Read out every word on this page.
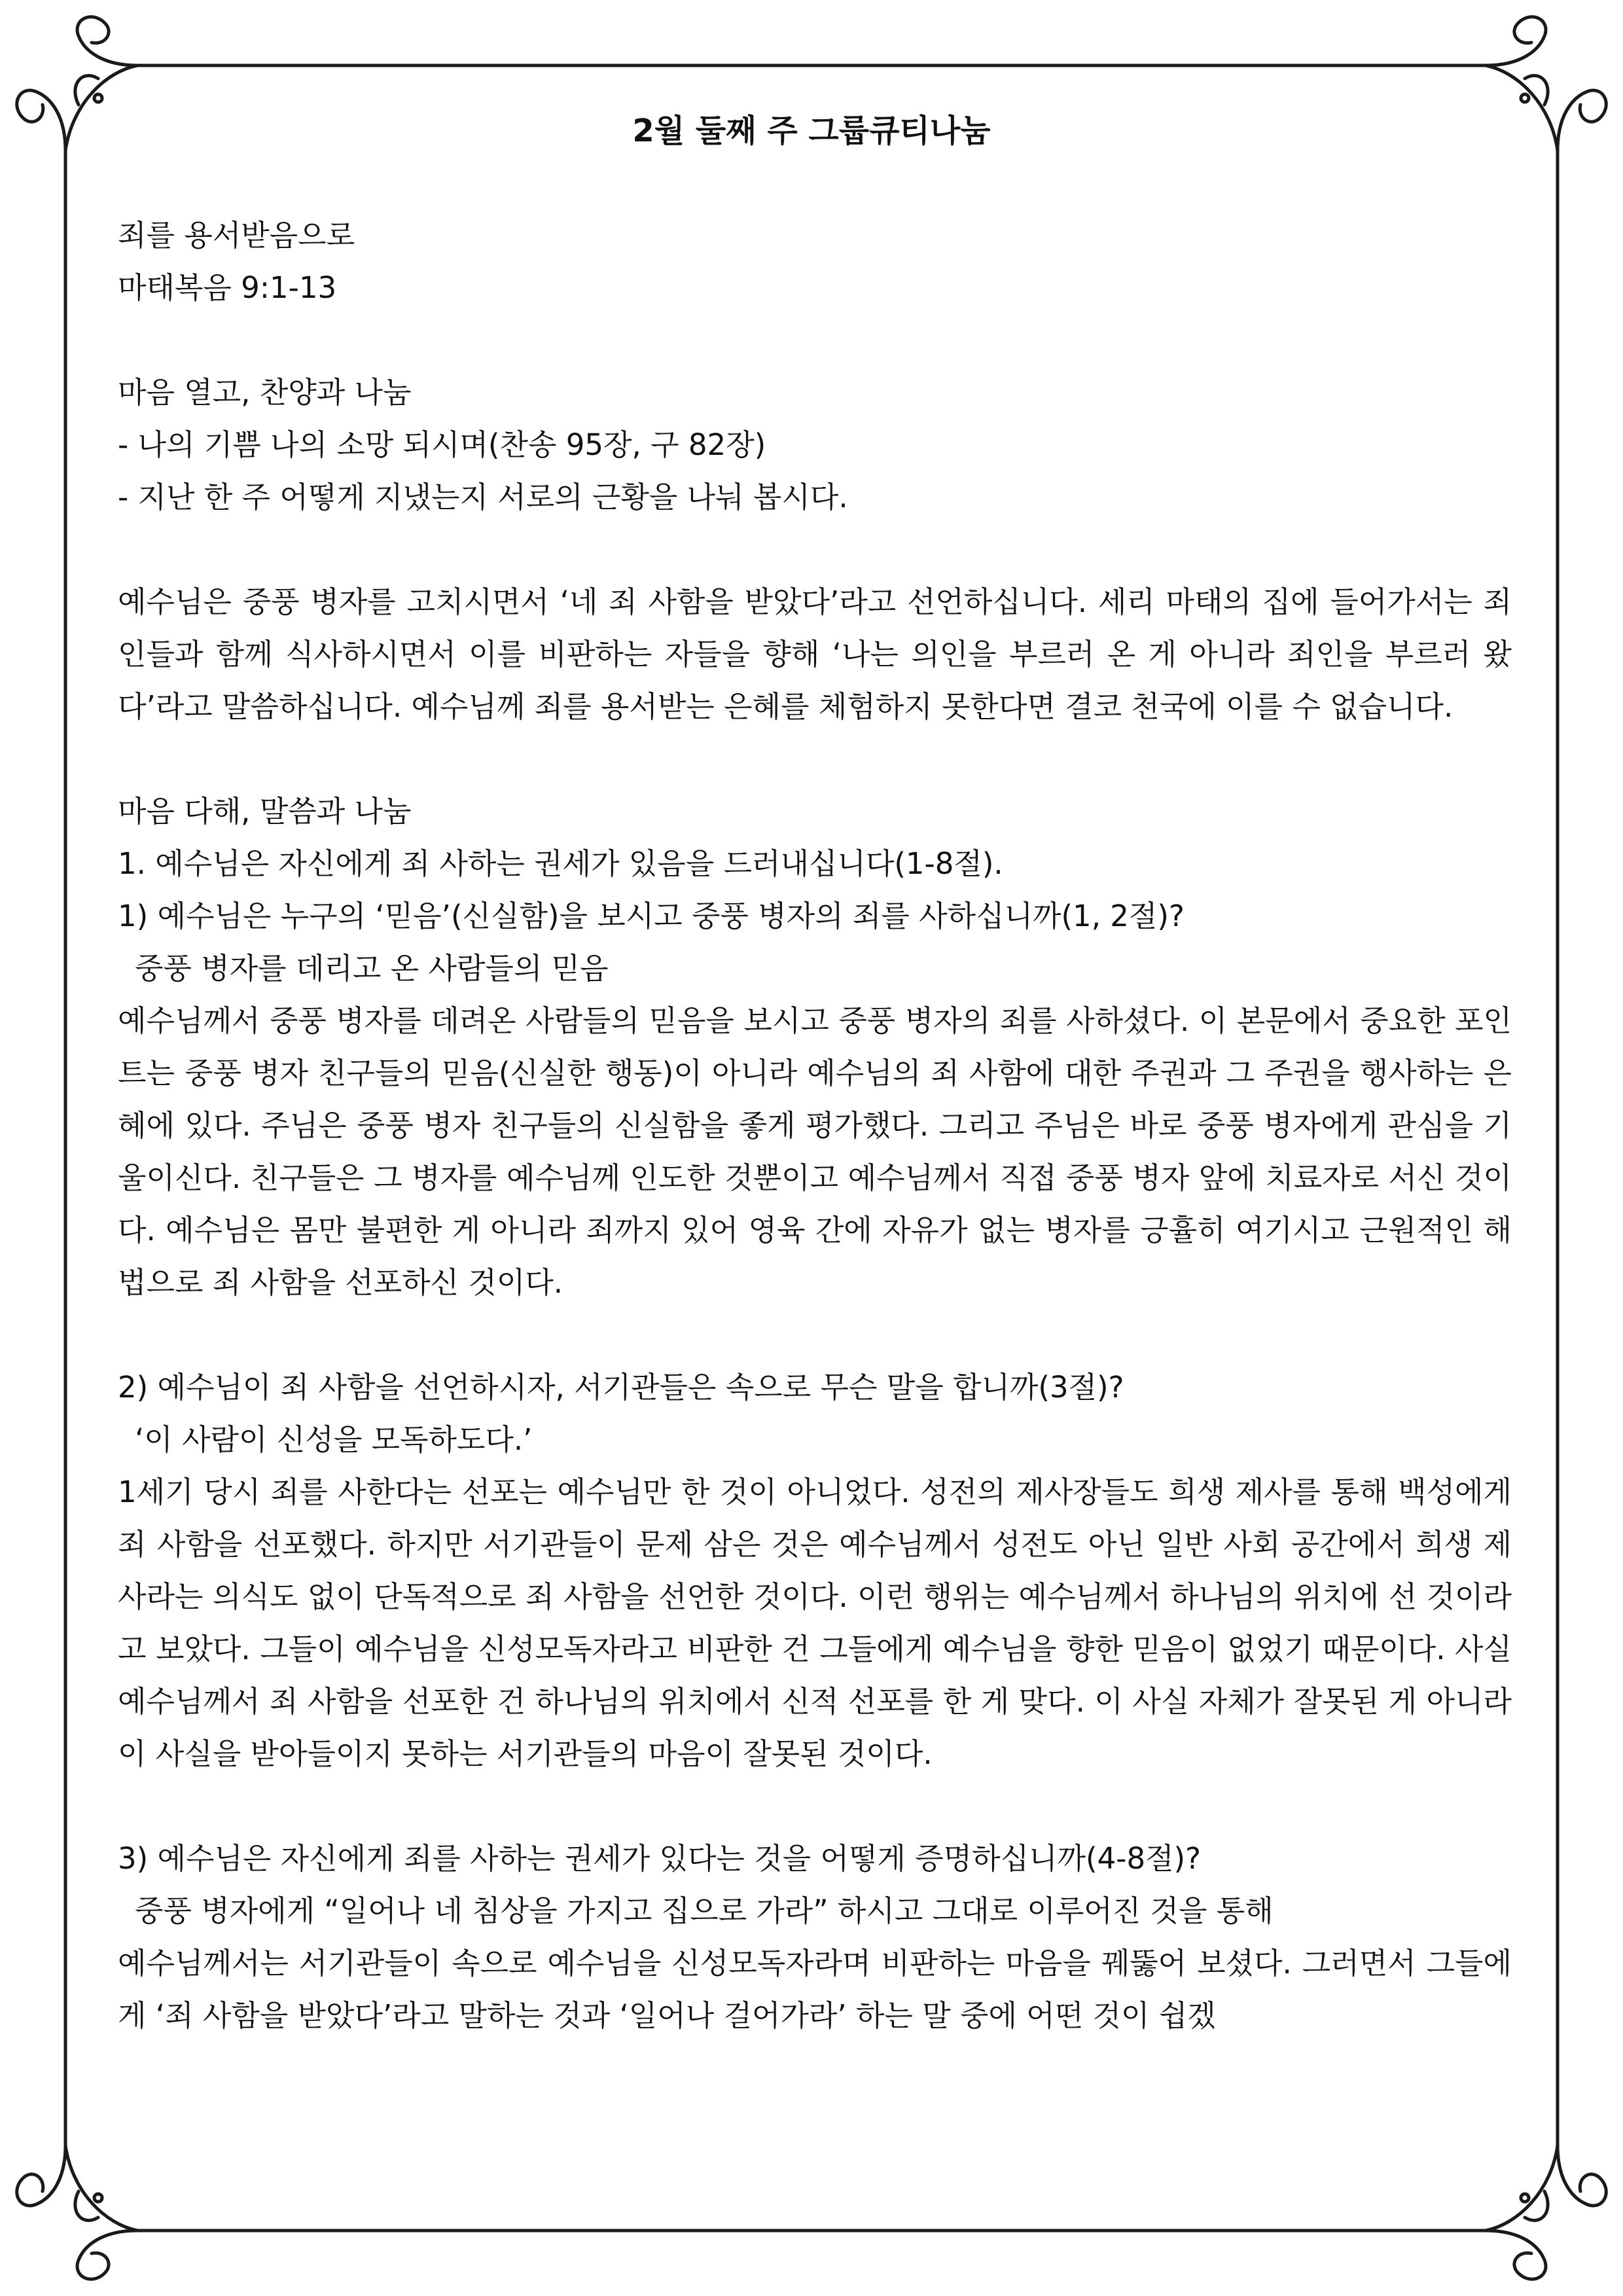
2월 둘째 주 그룹큐티나눔
죄를 용서받음으로
마태복음 9:1-13
마음 열고, 찬양과 나눔
- 나의 기쁨 나의 소망 되시며(찬송 95장, 구 82장)
- 지난 한 주 어떻게 지냈는지 서로의 근황을 나눠 봅시다.
예수님은 중풍 병자를 고치시면서 ‘네 죄 사함을 받았다’라고 선언하십니다. 세리 마태의 집에 들어가서는 죄인들과 함께 식사하시면서 이를 비판하는 자들을 향해 ‘나는 의인을 부르러 온 게 아니라 죄인을 부르러 왔다’라고 말씀하십니다. 예수님께 죄를 용서받는 은혜를 체험하지 못한다면 결코 천국에 이를 수 없습니다.
마음 다해, 말씀과 나눔
1. 예수님은 자신에게 죄 사하는 권세가 있음을 드러내십니다(1-8절).
1) 예수님은 누구의 ‘믿음’(신실함)을 보시고 중풍 병자의 죄를 사하십니까(1, 2절)?
중풍 병자를 데리고 온 사람들의 믿음
예수님께서 중풍 병자를 데려온 사람들의 믿음을 보시고 중풍 병자의 죄를 사하셨다. 이 본문에서 중요한 포인트는 중풍 병자 친구들의 믿음(신실한 행동)이 아니라 예수님의 죄 사함에 대한 주권과 그 주권을 행사하는 은혜에 있다. 주님은 중풍 병자 친구들의 신실함을 좋게 평가했다. 그리고 주님은 바로 중풍 병자에게 관심을 기울이신다. 친구들은 그 병자를 예수님께 인도한 것뿐이고 예수님께서 직접 중풍 병자 앞에 치료자로 서신 것이다. 예수님은 몸만 불편한 게 아니라 죄까지 있어 영육 간에 자유가 없는 병자를 긍휼히 여기시고 근원적인 해법으로 죄 사함을 선포하신 것이다.
2) 예수님이 죄 사함을 선언하시자, 서기관들은 속으로 무슨 말을 합니까(3절)?
‘이 사람이 신성을 모독하도다.’
1세기 당시 죄를 사한다는 선포는 예수님만 한 것이 아니었다. 성전의 제사장들도 희생 제사를 통해 백성에게 죄 사함을 선포했다. 하지만 서기관들이 문제 삼은 것은 예수님께서 성전도 아닌 일반 사회 공간에서 희생 제사라는 의식도 없이 단독적으로 죄 사함을 선언한 것이다. 이런 행위는 예수님께서 하나님의 위치에 선 것이라고 보았다. 그들이 예수님을 신성모독자라고 비판한 건 그들에게 예수님을 향한 믿음이 없었기 때문이다. 사실 예수님께서 죄 사함을 선포한 건 하나님의 위치에서 신적 선포를 한 게 맞다. 이 사실 자체가 잘못된 게 아니라 이 사실을 받아들이지 못하는 서기관들의 마음이 잘못된 것이다.
3) 예수님은 자신에게 죄를 사하는 권세가 있다는 것을 어떻게 증명하십니까(4-8절)?
중풍 병자에게 “일어나 네 침상을 가지고 집으로 가라” 하시고 그대로 이루어진 것을 통해
예수님께서는 서기관들이 속으로 예수님을 신성모독자라며 비판하는 마음을 꿰뚫어 보셨다. 그러면서 그들에게 ‘죄 사함을 받았다’라고 말하는 것과 ‘일어나 걸어가라’ 하는 말 중에 어떤 것이 쉽겠
